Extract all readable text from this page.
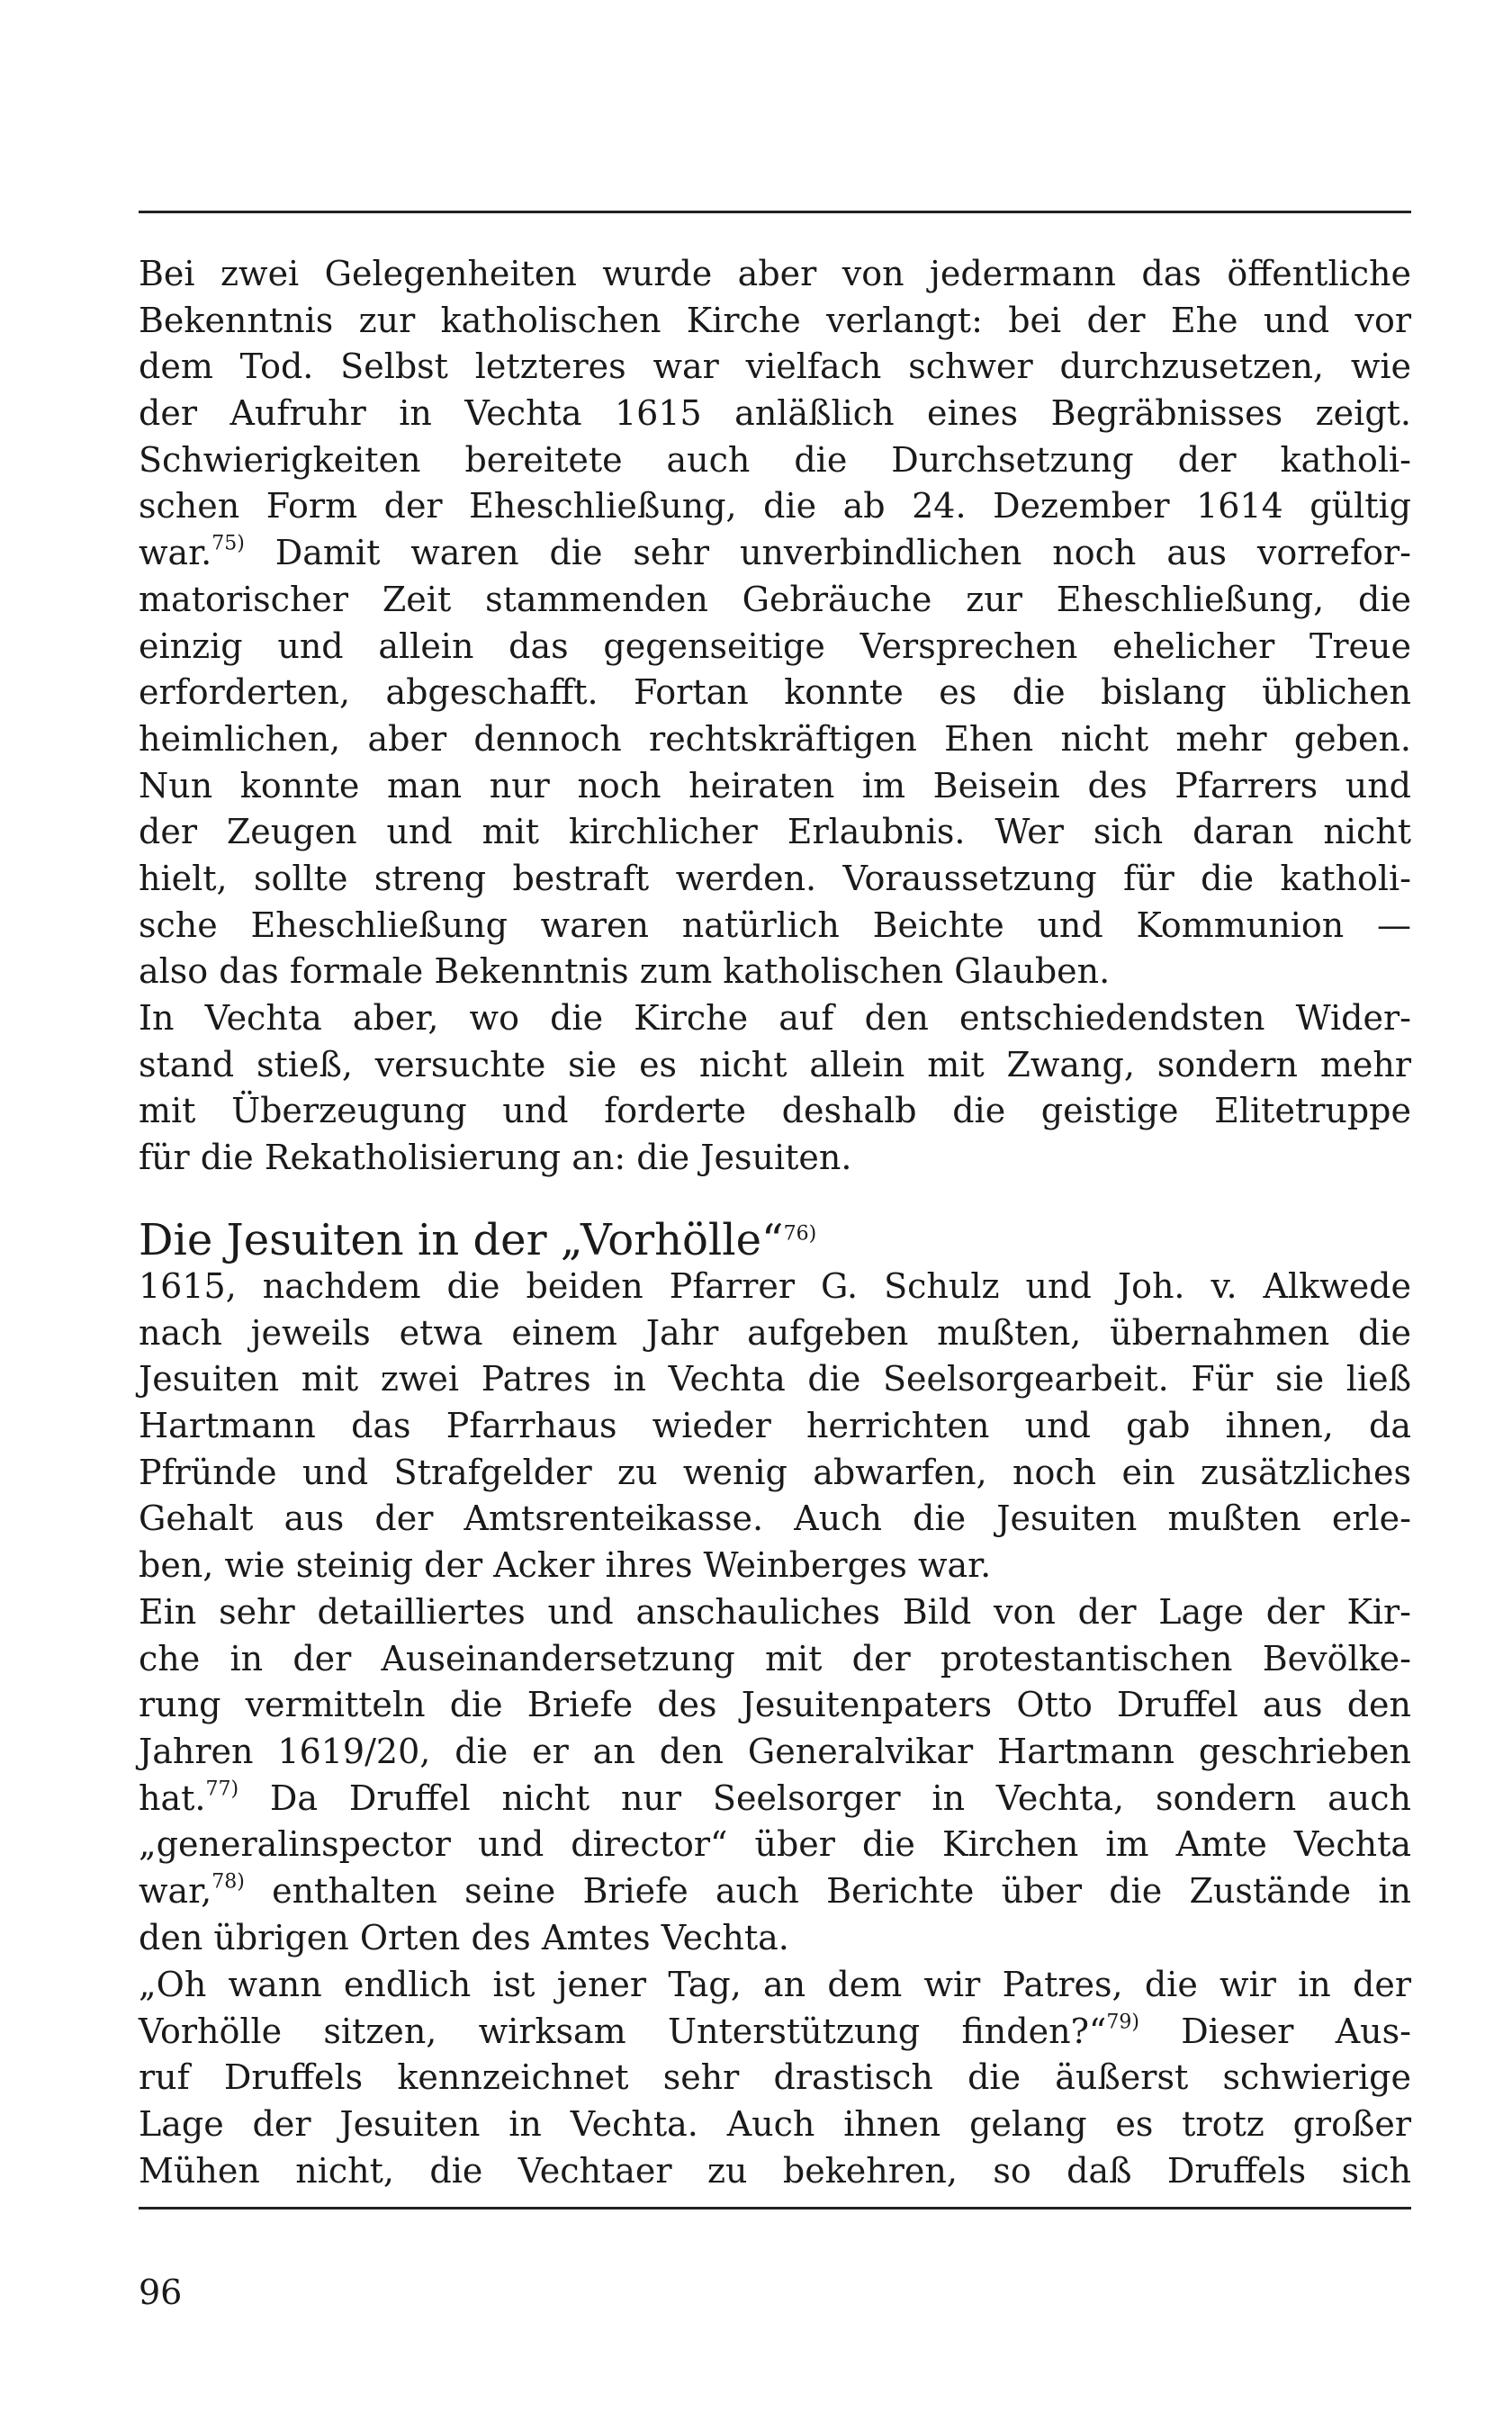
Bei zwei Gelegenheiten wurde aber von jedermann das öffentliche
Bekenntnis zur katholischen Kirche verlangt: bei der Ehe und vor
dem Tod. Selbst letzteres war vielfach schwer durchzusetzen, wie
der Aufruhr in Vechta 1615 anläßlich eines Begräbnisses zeigt.
Schwierigkeiten bereitete auch die Durchsetzung der katholi-
schen Form der Eheschließung, die ab 24. Dezember 1614 gültig
war.$^{75)}$ Damit waren die sehr unverbindlichen noch aus vorrefor-
matorischer Zeit stammenden Gebräuche zur Eheschließung, die
einzig und allein das gegenseitige Versprechen ehelicher Treue
erforderten, abgeschafft. Fortan konnte es die bislang üblichen
heimlichen, aber dennoch rechtskräftigen Ehen nicht mehr geben.
Nun konnte man nur noch heiraten im Beisein des Pfarrers und
der Zeugen und mit kirchlicher Erlaubnis. Wer sich daran nicht
hielt, sollte streng bestraft werden. Voraussetzung für die katholi-
sche Eheschließung waren natürlich Beichte und Kommunion —
also das formale Bekenntnis zum katholischen Glauben.
In Vechta aber, wo die Kirche auf den entschiedendsten Wider-
stand stieß, versuchte sie es nicht allein mit Zwang, sondern mehr
mit Überzeugung und forderte deshalb die geistige Elitetruppe
für die Rekatholisierung an: die Jesuiten.
Die Jesuiten in der „Vorhölle“$^{76)}$
1615, nachdem die beiden Pfarrer G. Schulz und Joh. v. Alkwede
nach jeweils etwa einem Jahr aufgeben mußten, übernahmen die
Jesuiten mit zwei Patres in Vechta die Seelsorgearbeit. Für sie ließ
Hartmann das Pfarrhaus wieder herrichten und gab ihnen, da
Pfründe und Strafgelder zu wenig abwarfen, noch ein zusätzliches
Gehalt aus der Amtsrenteikasse. Auch die Jesuiten mußten erle-
ben, wie steinig der Acker ihres Weinberges war.
Ein sehr detailliertes und anschauliches Bild von der Lage der Kir-
che in der Auseinandersetzung mit der protestantischen Bevölke-
rung vermitteln die Briefe des Jesuitenpaters Otto Druffel aus den
Jahren 1619/20, die er an den Generalvikar Hartmann geschrieben
hat.$^{77)}$ Da Druffel nicht nur Seelsorger in Vechta, sondern auch
„generalinspector und director“ über die Kirchen im Amte Vechta
war,$^{78)}$ enthalten seine Briefe auch Berichte über die Zustände in
den übrigen Orten des Amtes Vechta.
„Oh wann endlich ist jener Tag, an dem wir Patres, die wir in der
Vorhölle sitzen, wirksam Unterstützung finden?“$^{79)}$ Dieser Aus-
ruf Druffels kennzeichnet sehr drastisch die äußerst schwierige
Lage der Jesuiten in Vechta. Auch ihnen gelang es trotz großer
Mühen nicht, die Vechtaer zu bekehren, so daß Druffels sich
96
